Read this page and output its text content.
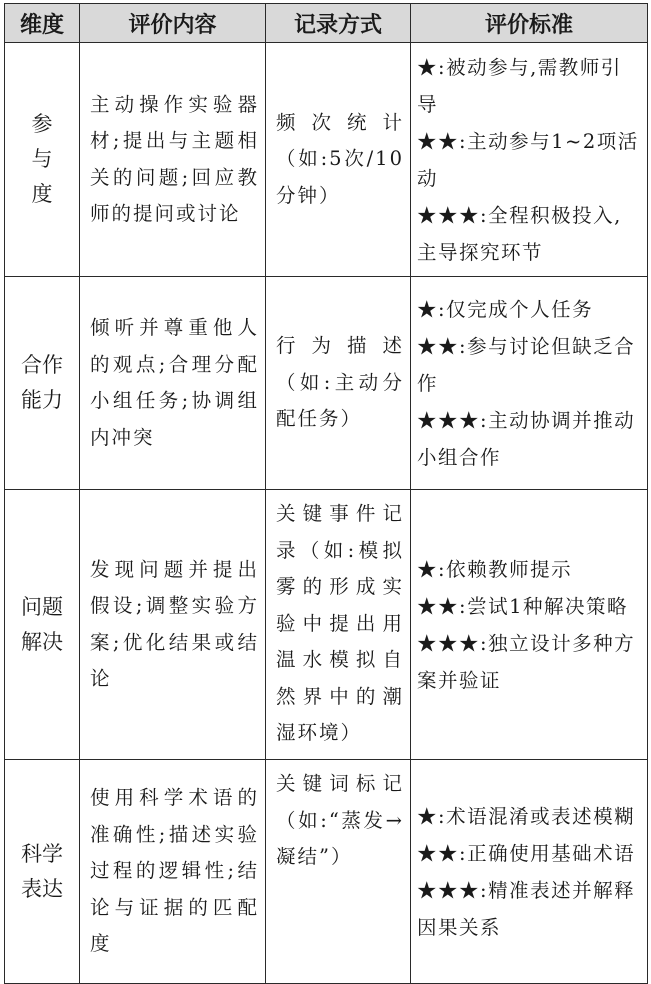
维度	评价内容	记录方式	评价标准
参与度	主动操作实验器材;提出与主题相关的问题;回应教师的提问或讨论	频次统计（如:5次/10分钟）	★:被动参与,需教师引导
★★:主动参与1~2项活动
★★★:全程积极投入,主导探究环节

合作能力	倾听并尊重他人的观点;合理分配小组任务;协调组内冲突	行为描述（如:主动分配任务）	★:仅完成个人任务
★★:参与讨论但缺乏合作
★★★:主动协调并推动小组合作

问题解决	发现问题并提出假设;调整实验方案;优化结果或结论	关键事件记录（如:模拟雾的形成实验中提出用温水模拟自然界中的潮湿环境）	★:依赖教师提示
★★:尝试1种解决策略
★★★:独立设计多种方案并验证

科学表达	使用科学术语的准确性;描述实验过程的逻辑性;结论与证据的匹配度	关键词标记（如:“蒸发→凝结”）	★:术语混淆或表述模糊
★★:正确使用基础术语
★★★:精准表述并解释因果关系
